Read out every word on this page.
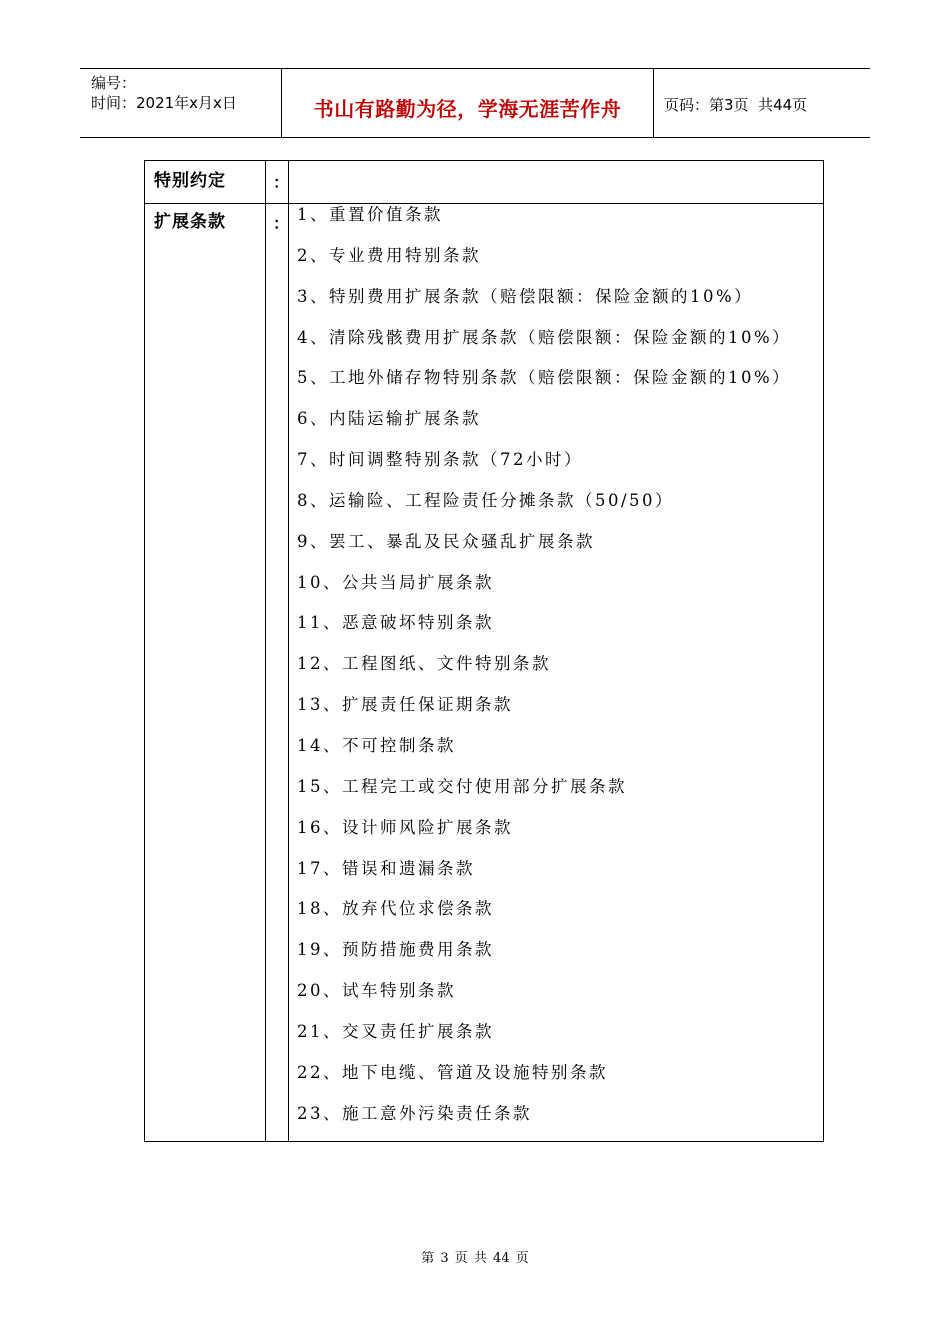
编号：
时间：2021年x月x日	书山有路勤为径，学海无涯苦作舟	页码：第3页  共44页
特别约定	：
扩展条款	： 1、重置价值条款
2、专业费用特别条款
3、特别费用扩展条款（赔偿限额：保险金额的10%）
4、清除残骸费用扩展条款（赔偿限额：保险金额的10%）
5、工地外储存物特别条款（赔偿限额：保险金额的10%）
6、内陆运输扩展条款
7、时间调整特别条款（72小时）
8、运输险、工程险责任分摊条款（50/50）
9、罢工、暴乱及民众骚乱扩展条款
10、公共当局扩展条款
11、恶意破坏特别条款
12、工程图纸、文件特别条款
13、扩展责任保证期条款
14、不可控制条款
15、工程完工或交付使用部分扩展条款
16、设计师风险扩展条款
17、错误和遗漏条款
18、放弃代位求偿条款
19、预防措施费用条款
20、试车特别条款
21、交叉责任扩展条款
22、地下电缆、管道及设施特别条款
23、施工意外污染责任条款
第 3 页 共 44 页
